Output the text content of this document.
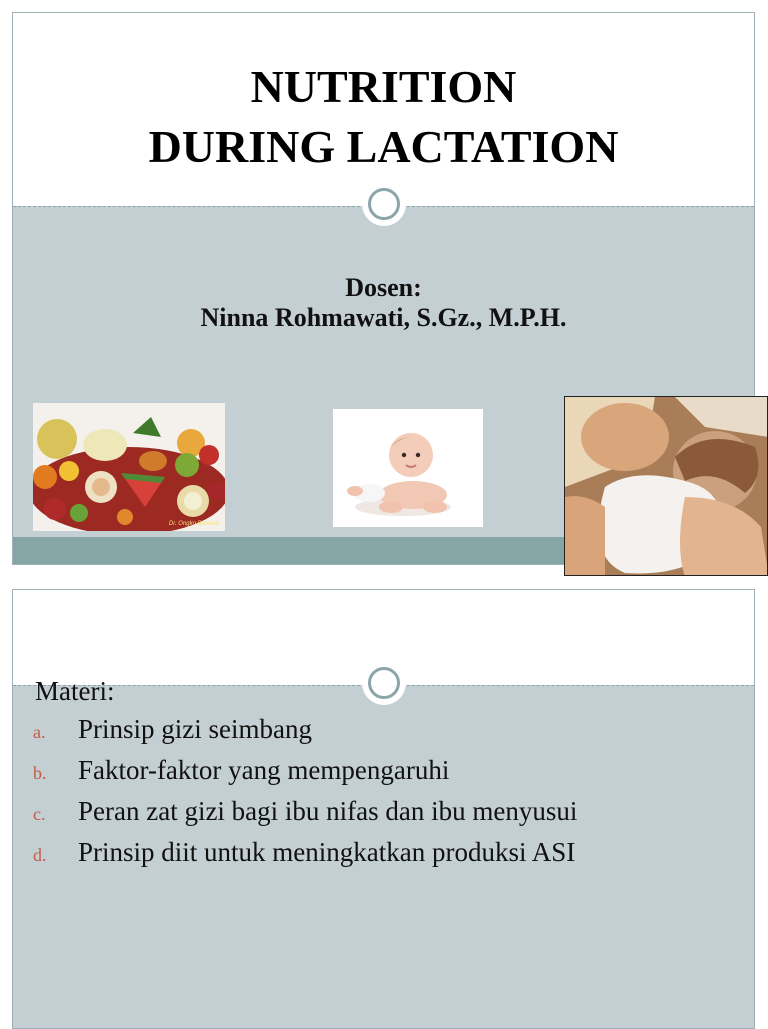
NUTRITION
DURING LACTATION
Dosen:
Ninna Rohmawati, S.Gz., M.P.H.
Dr. Ongko Buseiso
Materi:
a.	Prinsip gizi seimbang
b.	Faktor-faktor yang mempengaruhi
c.	Peran zat gizi bagi ibu nifas dan ibu menyusui
d.	Prinsip diit untuk meningkatkan produksi ASI
